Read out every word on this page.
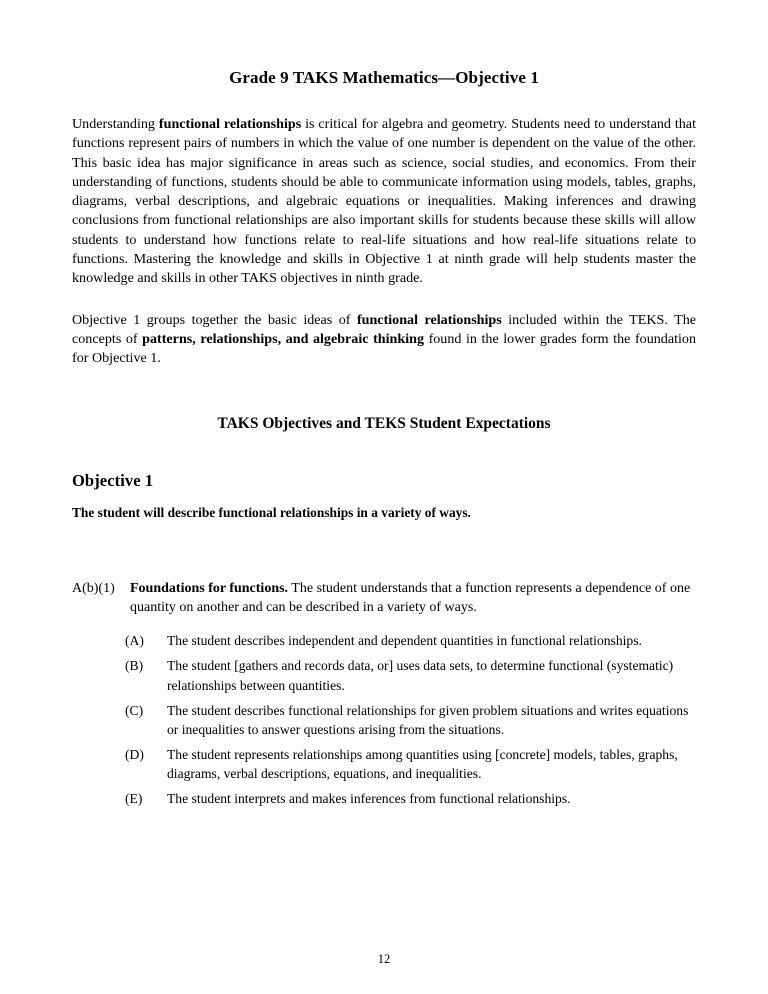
Grade 9 TAKS Mathematics—Objective 1

Understanding functional relationships is critical for algebra and geometry. Students need to understand that functions represent pairs of numbers in which the value of one number is dependent on the value of the other. This basic idea has major significance in areas such as science, social studies, and economics. From their understanding of functions, students should be able to communicate information using models, tables, graphs, diagrams, verbal descriptions, and algebraic equations or inequalities. Making inferences and drawing conclusions from functional relationships are also important skills for students because these skills will allow students to understand how functions relate to real-life situations and how real-life situations relate to functions. Mastering the knowledge and skills in Objective 1 at ninth grade will help students master the knowledge and skills in other TAKS objectives in ninth grade.

Objective 1 groups together the basic ideas of functional relationships included within the TEKS. The concepts of patterns, relationships, and algebraic thinking found in the lower grades form the foundation for Objective 1.

TAKS Objectives and TEKS Student Expectations
Objective 1

The student will describe functional relationships in a variety of ways.

A(b)(1)	Foundations for functions. The student understands that a function represents a dependence of one quantity on another and can be described in a variety of ways.
(A)	The student describes independent and dependent quantities in functional relationships.
(B)	The student [gathers and records data, or] uses data sets, to determine functional (systematic) relationships between quantities.
(C)	The student describes functional relationships for given problem situations and writes equations or inequalities to answer questions arising from the situations.
(D)	The student represents relationships among quantities using [concrete] models, tables, graphs, diagrams, verbal descriptions, equations, and inequalities.
(E)	The student interprets and makes inferences from functional relationships.
12
